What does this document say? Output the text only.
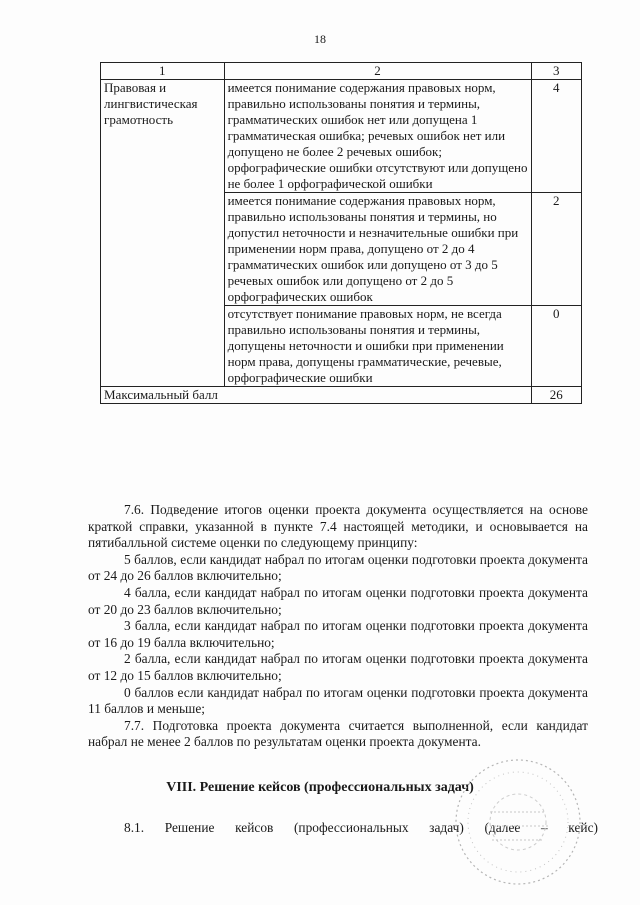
18
1	2	3
Правовая и лингвистическая грамотность	имеется понимание содержания правовых норм, правильно использованы понятия и термины, грамматических ошибок нет или допущена 1 грамматическая ошибка; речевых ошибок нет или допущено не более 2 речевых ошибок; орфографические ошибки отсутствуют или допущено не более 1 орфографической ошибки	4
	имеется понимание содержания правовых норм, правильно использованы понятия и термины, но допустил неточности и незначительные ошибки при применении норм права, допущено от 2 до 4 грамматических ошибок или допущено от 3 до 5 речевых ошибок или допущено от 2 до 5 орфографических ошибок	2
	отсутствует понимание правовых норм, не всегда правильно использованы понятия и термины, допущены неточности и ошибки при применении норм права, допущены грамматические, речевые, орфографические ошибки	0
Максимальный балл		26

7.6. Подведение итогов оценки проекта документа осуществляется на основе краткой справки, указанной в пункте 7.4 настоящей методики, и основывается на пятибалльной системе оценки по следующему принципу:

5 баллов, если кандидат набрал по итогам оценки подготовки проекта документа от 24 до 26 баллов включительно;

4 балла, если кандидат набрал по итогам оценки подготовки проекта документа от 20 до 23 баллов включительно;

3 балла, если кандидат набрал по итогам оценки подготовки проекта документа от 16 до 19 балла включительно;

2 балла, если кандидат набрал по итогам оценки подготовки проекта документа от 12 до 15 баллов включительно;

0 баллов если кандидат набрал по итогам оценки подготовки проекта документа 11 баллов и меньше;

7.7. Подготовка проекта документа считается выполненной, если кандидат набрал не менее 2 баллов по результатам оценки проекта документа.

VIII. Решение кейсов (профессиональных задач)
8.1. Решение кейсов (профессиональных задач) (далее – кейс)
